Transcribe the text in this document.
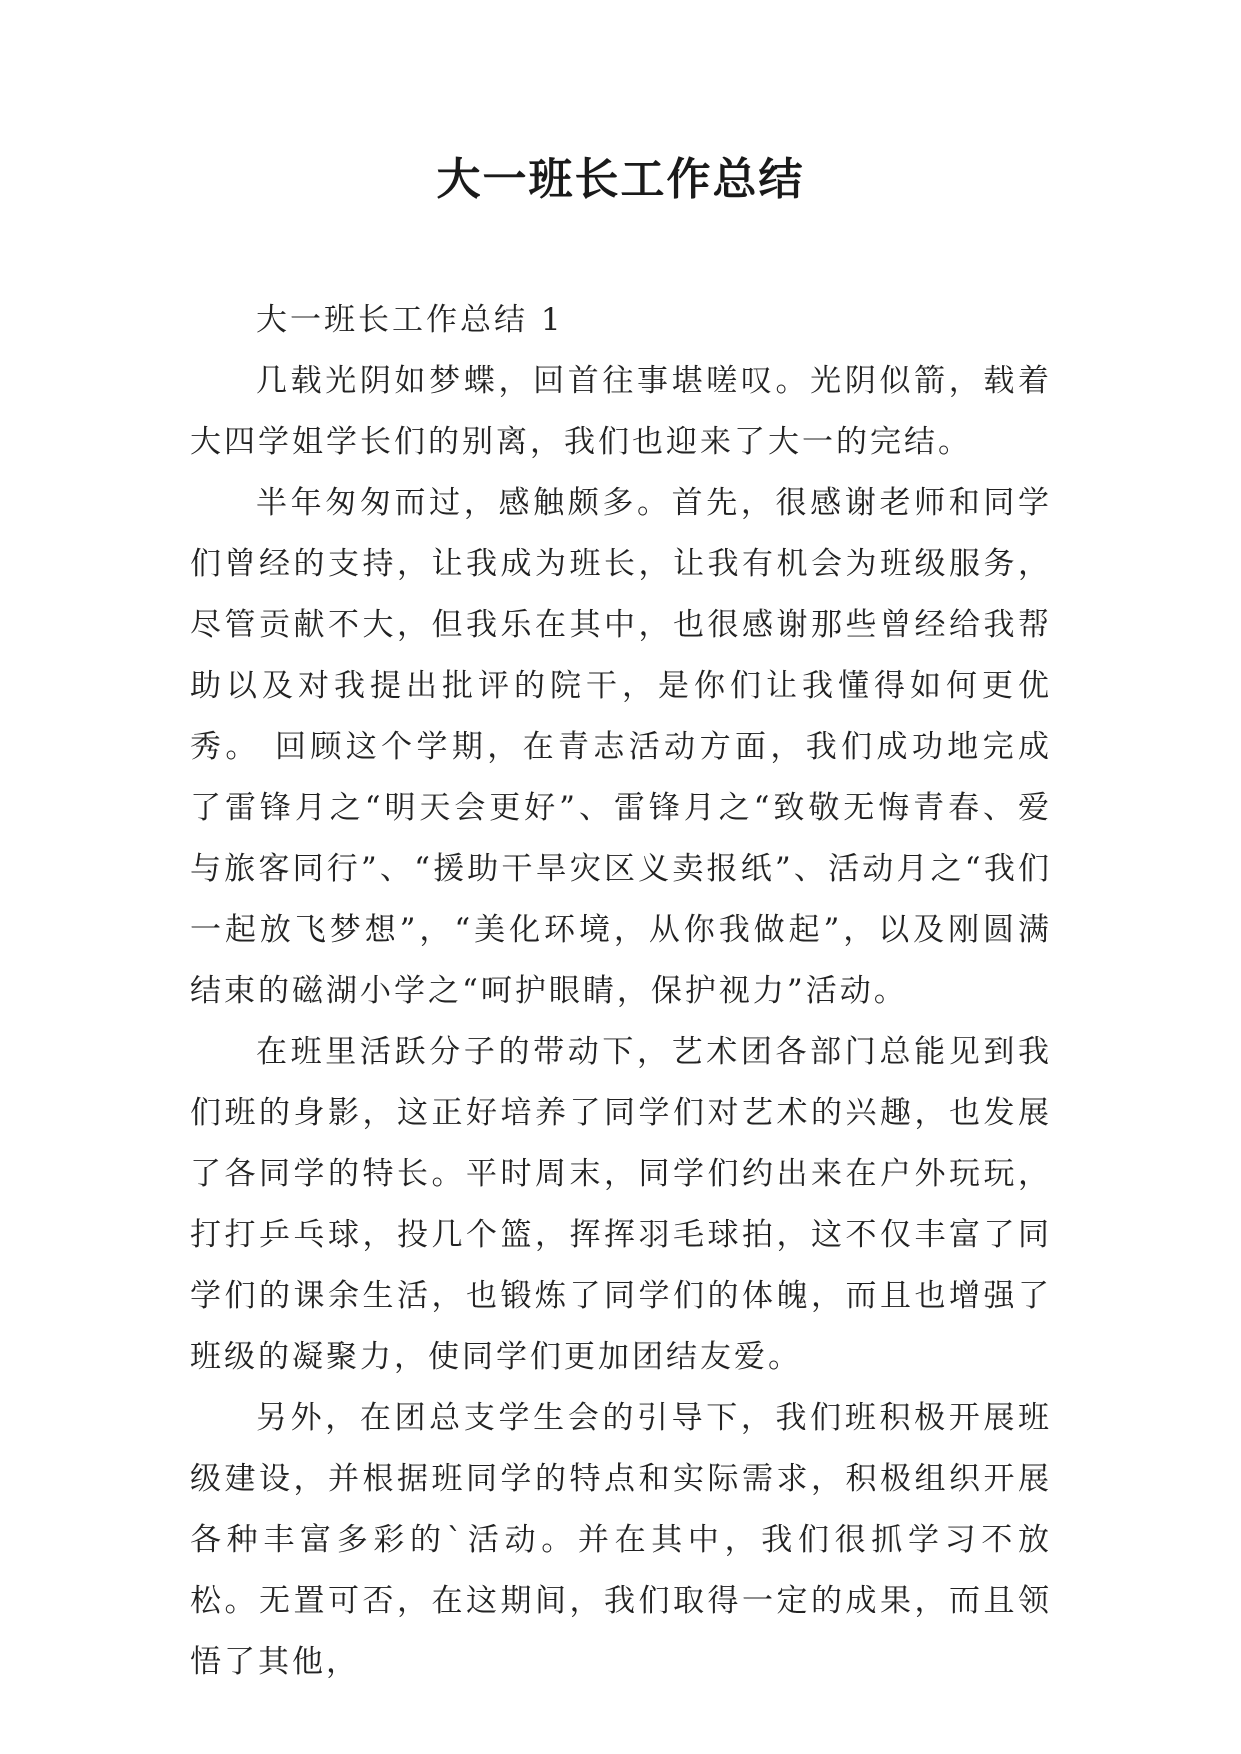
大一班长工作总结

大一班长工作总结 1

几载光阴如梦蝶，回首往事堪嗟叹。光阴似箭，载着大四学姐学长们的别离，我们也迎来了大一的完结。

半年匆匆而过，感触颇多。首先，很感谢老师和同学们曾经的支持，让我成为班长，让我有机会为班级服务，尽管贡献不大，但我乐在其中，也很感谢那些曾经给我帮助以及对我提出批评的院干，是你们让我懂得如何更优秀。 回顾这个学期，在青志活动方面，我们成功地完成了雷锋月之“明天会更好”、雷锋月之“致敬无悔青春、爱与旅客同行”、“援助干旱灾区义卖报纸”、活动月之“我们一起放飞梦想”，“美化环境，从你我做起”，以及刚圆满结束的磁湖小学之“呵护眼睛，保护视力”活动。

在班里活跃分子的带动下，艺术团各部门总能见到我们班的身影，这正好培养了同学们对艺术的兴趣，也发展了各同学的特长。平时周末，同学们约出来在户外玩玩，打打乒乓球，投几个篮，挥挥羽毛球拍，这不仅丰富了同学们的课余生活，也锻炼了同学们的体魄，而且也增强了班级的凝聚力，使同学们更加团结友爱。

另外，在团总支学生会的引导下，我们班积极开展班级建设，并根据班同学的特点和实际需求，积极组织开展各种丰富多彩的`活动。并在其中，我们很抓学习不放松。无置可否，在这期间，我们取得一定的成果，而且领悟了其他，
